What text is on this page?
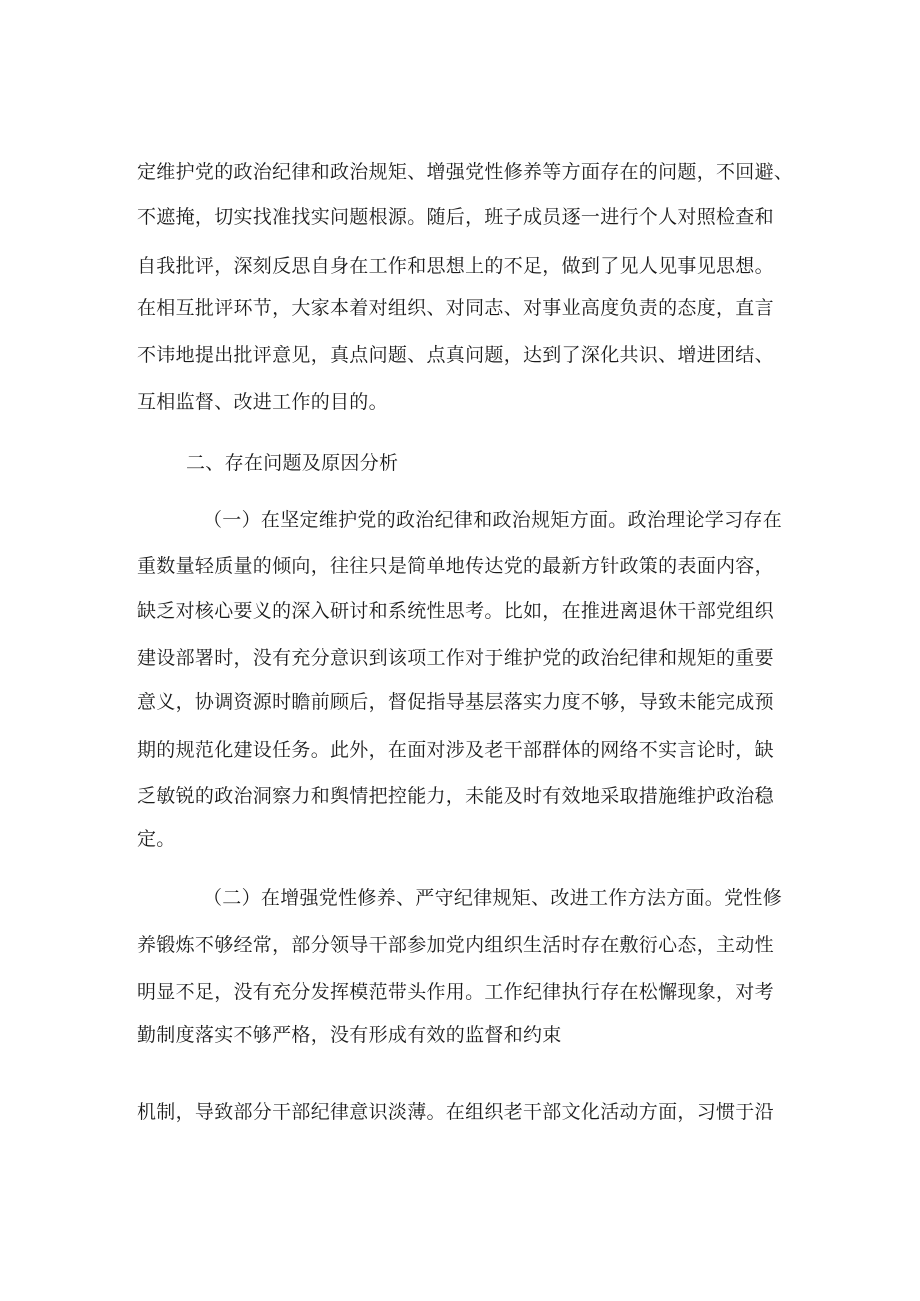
定维护党的政治纪律和政治规矩、增强党性修养等方面存在的问题，不回避、
不遮掩，切实找准找实问题根源。随后，班子成员逐一进行个人对照检查和
自我批评，深刻反思自身在工作和思想上的不足，做到了见人见事见思想。
在相互批评环节，大家本着对组织、对同志、对事业高度负责的态度，直言
不讳地提出批评意见，真点问题、点真问题，达到了深化共识、增进团结、
互相监督、改进工作的目的。
二、存在问题及原因分析
（一）在坚定维护党的政治纪律和政治规矩方面。政治理论学习存在
重数量轻质量的倾向，往往只是简单地传达党的最新方针政策的表面内容，
缺乏对核心要义的深入研讨和系统性思考。比如，在推进离退休干部党组织
建设部署时，没有充分意识到该项工作对于维护党的政治纪律和规矩的重要
意义，协调资源时瞻前顾后，督促指导基层落实力度不够，导致未能完成预
期的规范化建设任务。此外，在面对涉及老干部群体的网络不实言论时，缺
乏敏锐的政治洞察力和舆情把控能力，未能及时有效地采取措施维护政治稳
定。
（二）在增强党性修养、严守纪律规矩、改进工作方法方面。党性修
养锻炼不够经常，部分领导干部参加党内组织生活时存在敷衍心态，主动性
明显不足，没有充分发挥模范带头作用。工作纪律执行存在松懈现象，对考
勤制度落实不够严格，没有形成有效的监督和约束
机制，导致部分干部纪律意识淡薄。在组织老干部文化活动方面，习惯于沿
